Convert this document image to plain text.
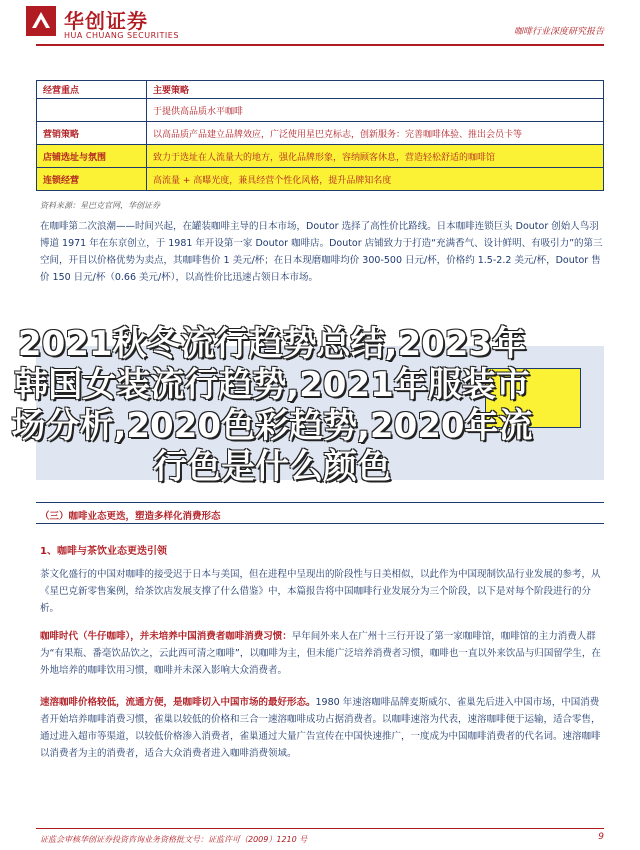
华创证券
HUA CHUANG SECURITIES	咖啡行业深度研究报告
经营重点	主要策略
	于提供高品质水平咖啡
营销策略	以高品质产品建立品牌效应，广泛使用星巴克标志，创新服务：完善咖啡体验、推出会员卡等
店铺选址与氛围	致力于选址在人流量大的地方，强化品牌形象，容纳顾客休息，营造轻松舒适的咖啡馆
连锁经营	高流量 + 高曝光度，兼具经营个性化风格，提升品牌知名度
资料来源：星巴克官网，华创证券
在咖啡第二次浪潮——时间兴起，在罐装咖啡主导的日本市场，Doutor 选择了高性价比路线。日本咖啡连锁巨头 Doutor 创始人鸟羽博道 1971 年在东京创立，于 1981 年开设第一家 Doutor 咖啡店。Doutor 店铺致力于打造“充满香气、设计鲜明、有吸引力”的第三空间，开目以价格优势为卖点，其咖啡售价 1 美元/杯；在日本现磨咖啡均价 300-500 日元/杯，价格约 1.5-2.2 美元/杯，Doutor 售价 150 日元/杯（0.66 美元/杯），以高性价比迅速占领日本市场。
2021秋冬流行趋势总结,2023年韩国女装流行趋势,2021年服装市场分析,2020色彩趋势,2020年流行色是什么颜色
（三）咖啡业态更迭，塑造多样化消费形态
1、咖啡与茶饮业态更迭引领
茶文化盛行的中国对咖啡的接受迟于日本与美国，但在进程中呈现出的阶段性与日美相似，以此作为中国现制饮品行业发展的参考，从《星巴克新零售案例，给茶饮店发展支撑了什么借鉴》中，本篇报告将中国咖啡行业发展分为三个阶段，以下是对每个阶段进行的分析。
咖啡时代（牛仔咖啡），并未培养中国消费者咖啡消费习惯：早年间外来人在广州十三行开设了第一家咖啡馆，咖啡馆的主力消费人群为“有果瓶、番毫饮品饮之，云此西可清之咖啡”，以咖啡为主，但未能广泛培养消费者习惯，咖啡也一直以外来饮品与归国留学生，在外地培养的咖啡饮用习惯，咖啡并未深入影响大众消费者。
速溶咖啡价格较低，流通方便，是咖啡切入中国市场的最好形态。1980 年速溶咖啡品牌麦斯威尔、雀巢先后进入中国市场，中国消费者开始培养咖啡消费习惯，雀巢以较低的价格和三合一速溶咖啡成功占据消费者。以咖啡速溶为代表，速溶咖啡便于运输，适合零售，通过进入超市等渠道，以较低价格渗入消费者，雀巢通过大量广告宣传在中国快速推广，一度成为中国咖啡消费者的代名词。速溶咖啡以消费者为主的消费者，适合大众消费者进入咖啡消费领域。
证监会审核华创证券投资咨询业务资格批文号：证监许可（2009）1210 号	9
